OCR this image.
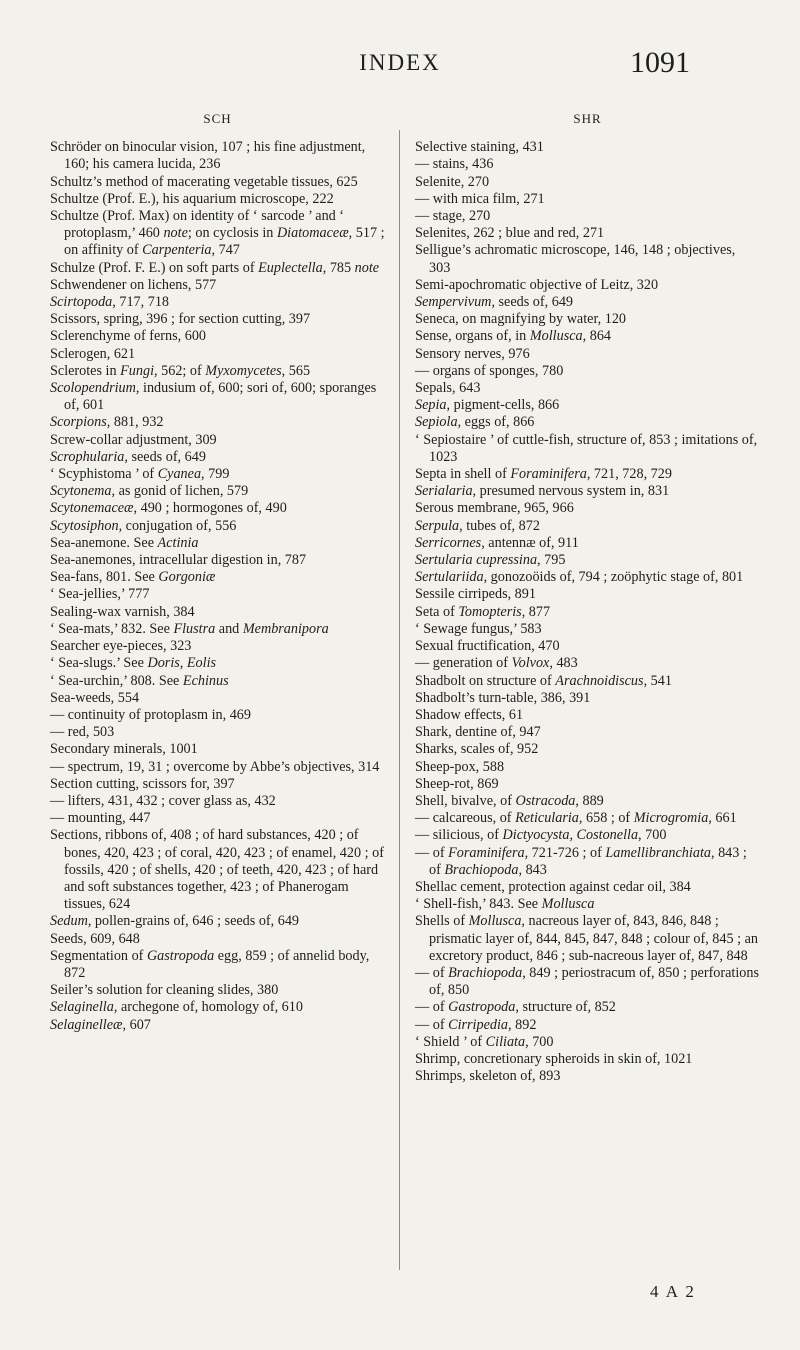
INDEX	1091
SCH

Schröder on binocular vision, 107 ; his fine adjustment, 160; his camera lucida, 236

Schultz’s method of macerating vegetable tissues, 625

Schultze (Prof. E.), his aquarium microscope, 222

Schultze (Prof. Max) on identity of ‘ sarcode ’ and ‘ protoplasm,’ 460 note; on cyclosis in Diatomaceæ, 517 ; on affinity of Carpenteria, 747

Schulze (Prof. F. E.) on soft parts of Euplectella, 785 note

Schwendener on lichens, 577

Scirtopoda, 717, 718

Scissors, spring, 396 ; for section cutting, 397

Sclerenchyme of ferns, 600

Sclerogen, 621

Sclerotes in Fungi, 562; of Myxomycetes, 565

Scolopendrium, indusium of, 600; sori of, 600; sporanges of, 601

Scorpions, 881, 932

Screw-collar adjustment, 309

Scrophularia, seeds of, 649

‘ Scyphistoma ’ of Cyanea, 799

Scytonema, as gonid of lichen, 579

Scytonemaceæ, 490 ; hormogones of, 490

Scytosiphon, conjugation of, 556

Sea-anemone. See Actinia

Sea-anemones, intracellular digestion in, 787

Sea-fans, 801. See Gorgoniæ

‘ Sea-jellies,’ 777

Sealing-wax varnish, 384

‘ Sea-mats,’ 832. See Flustra and Membranipora

Searcher eye-pieces, 323

‘ Sea-slugs.’ See Doris, Eolis

‘ Sea-urchin,’ 808. See Echinus

Sea-weeds, 554

— continuity of protoplasm in, 469

— red, 503

Secondary minerals, 1001

— spectrum, 19, 31 ; overcome by Abbe’s objectives, 314

Section cutting, scissors for, 397

— lifters, 431, 432 ; cover glass as, 432

— mounting, 447

Sections, ribbons of, 408 ; of hard substances, 420 ; of bones, 420, 423 ; of coral, 420, 423 ; of enamel, 420 ; of fossils, 420 ; of shells, 420 ; of teeth, 420, 423 ; of hard and soft substances together, 423 ; of Phanerogam tissues, 624

Sedum, pollen-grains of, 646 ; seeds of, 649

Seeds, 609, 648

Segmentation of Gastropoda egg, 859 ; of annelid body, 872

Seiler’s solution for cleaning slides, 380

Selaginella, archegone of, homology of, 610

Selaginelleæ, 607

SHR

Selective staining, 431

— stains, 436

Selenite, 270

— with mica film, 271

— stage, 270

Selenites, 262 ; blue and red, 271

Selligue’s achromatic microscope, 146, 148 ; objectives, 303

Semi-apochromatic objective of Leitz, 320

Sempervivum, seeds of, 649

Seneca, on magnifying by water, 120

Sense, organs of, in Mollusca, 864

Sensory nerves, 976

— organs of sponges, 780

Sepals, 643

Sepia, pigment-cells, 866

Sepiola, eggs of, 866

‘ Sepiostaire ’ of cuttle-fish, structure of, 853 ; imitations of, 1023

Septa in shell of Foraminifera, 721, 728, 729

Serialaria, presumed nervous system in, 831

Serous membrane, 965, 966

Serpula, tubes of, 872

Serricornes, antennæ of, 911

Sertularia cupressina, 795

Sertulariida, gonozoöids of, 794 ; zoöphytic stage of, 801

Sessile cirripeds, 891

Seta of Tomopteris, 877

‘ Sewage fungus,’ 583

Sexual fructification, 470

— generation of Volvox, 483

Shadbolt on structure of Arachnoidiscus, 541

Shadbolt’s turn-table, 386, 391

Shadow effects, 61

Shark, dentine of, 947

Sharks, scales of, 952

Sheep-pox, 588

Sheep-rot, 869

Shell, bivalve, of Ostracoda, 889

— calcareous, of Reticularia, 658 ; of Microgromia, 661

— silicious, of Dictyocysta, Costonella, 700

— of Foraminifera, 721-726 ; of Lamellibranchiata, 843 ; of Brachiopoda, 843

Shellac cement, protection against cedar oil, 384

‘ Shell-fish,’ 843. See Mollusca

Shells of Mollusca, nacreous layer of, 843, 846, 848 ; prismatic layer of, 844, 845, 847, 848 ; colour of, 845 ; an excretory product, 846 ; sub-nacreous layer of, 847, 848

— of Brachiopoda, 849 ; periostracum of, 850 ; perforations of, 850

— of Gastropoda, structure of, 852

— of Cirripedia, 892

‘ Shield ’ of Ciliata, 700

Shrimp, concretionary spheroids in skin of, 1021

Shrimps, skeleton of, 893

4 A 2
